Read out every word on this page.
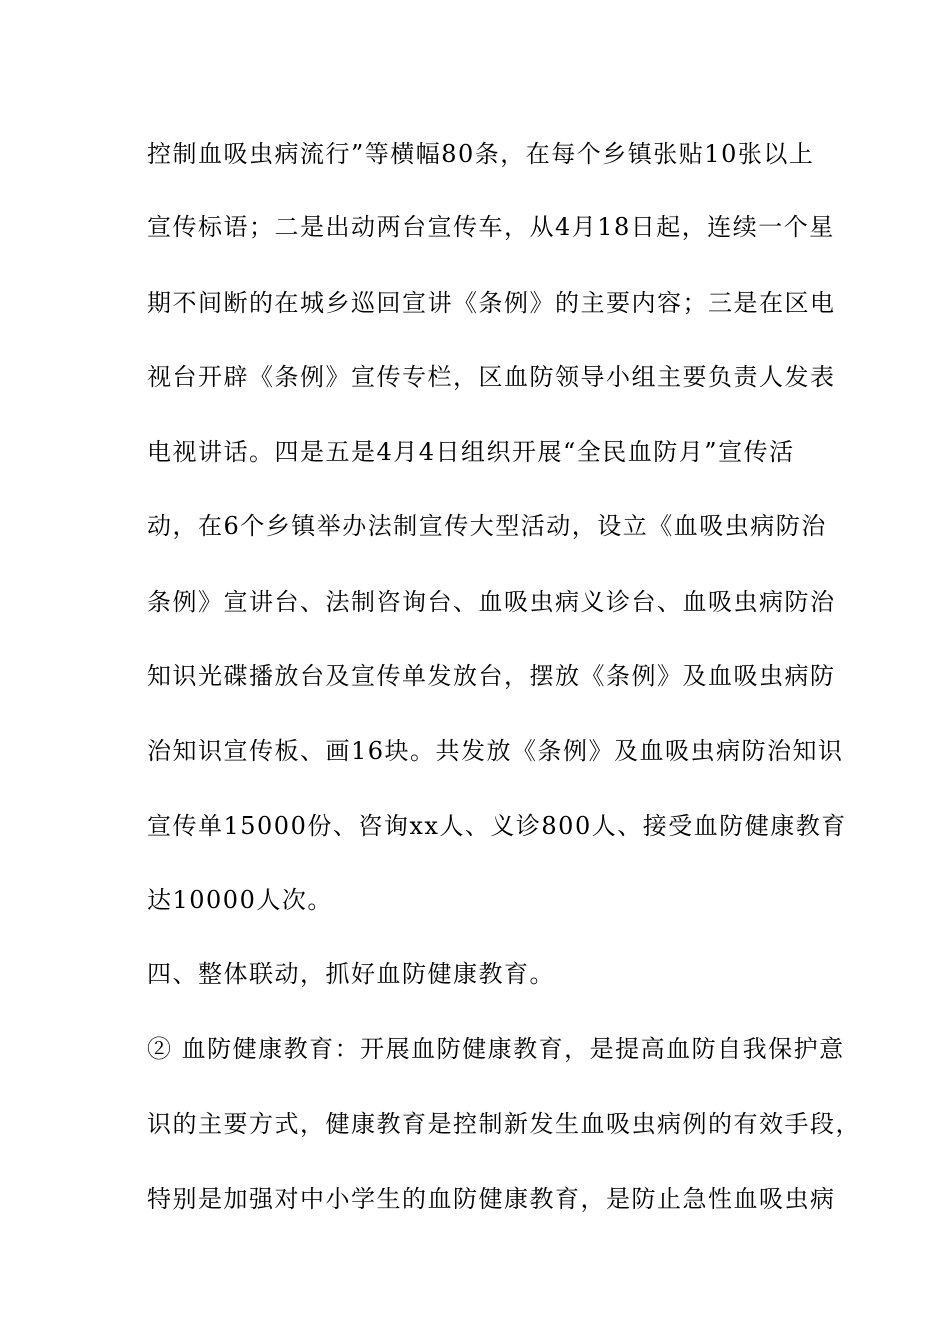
控制血吸虫病流行”等横幅80条，在每个乡镇张贴10张以上
宣传标语；二是出动两台宣传车，从4月18日起，连续一个星
期不间断的在城乡巡回宣讲《条例》的主要内容；三是在区电
视台开辟《条例》宣传专栏，区血防领导小组主要负责人发表
电视讲话。四是五是4月4日组织开展“全民血防月”宣传活
动，在6个乡镇举办法制宣传大型活动，设立《血吸虫病防治
条例》宣讲台、法制咨询台、血吸虫病义诊台、血吸虫病防治
知识光碟播放台及宣传单发放台，摆放《条例》及血吸虫病防
治知识宣传板、画16块。共发放《条例》及血吸虫病防治知识
宣传单15000份、咨询xx人、义诊800人、接受血防健康教育
达10000人次。
四、整体联动，抓好血防健康教育。
② 血防健康教育：开展血防健康教育，是提高血防自我保护意
识的主要方式，健康教育是控制新发生血吸虫病例的有效手段，
特别是加强对中小学生的血防健康教育，是防止急性血吸虫病
